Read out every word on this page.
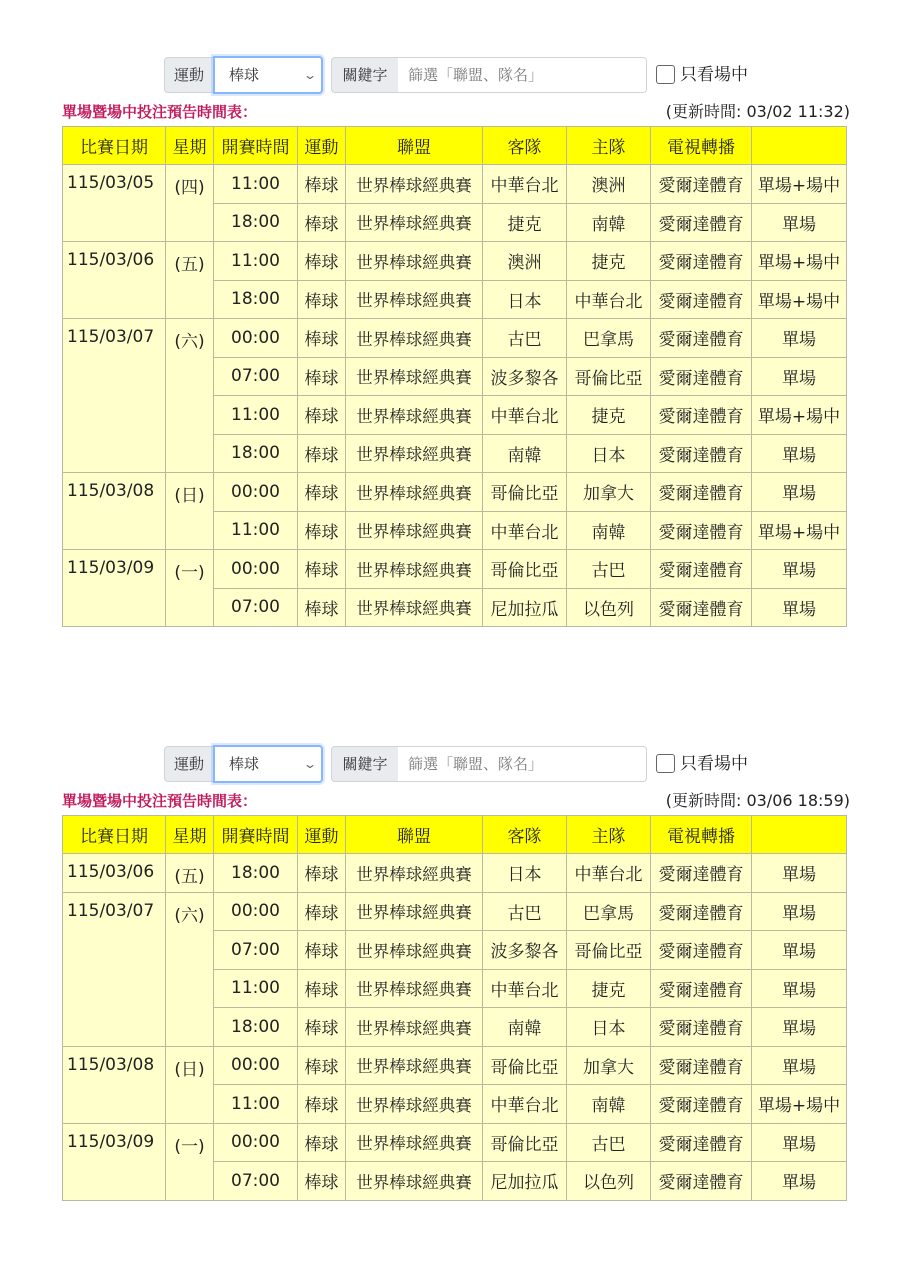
運動	棒球	⌄	關鍵字	篩選「聯盟、隊名」	只看場中
單場暨場中投注預告時間表：	(更新時間: 03/02 11:32)
比賽日期	星期	開賽時間	運動	聯盟	客隊	主隊	電視轉播	
115/03/05	(四)	11:00	棒球	世界棒球經典賽	中華台北	澳洲	愛爾達體育	單場+場中
		18:00	棒球	世界棒球經典賽	捷克	南韓	愛爾達體育	單場
115/03/06	(五)	11:00	棒球	世界棒球經典賽	澳洲	捷克	愛爾達體育	單場+場中
		18:00	棒球	世界棒球經典賽	日本	中華台北	愛爾達體育	單場+場中
115/03/07	(六)	00:00	棒球	世界棒球經典賽	古巴	巴拿馬	愛爾達體育	單場
		07:00	棒球	世界棒球經典賽	波多黎各	哥倫比亞	愛爾達體育	單場
		11:00	棒球	世界棒球經典賽	中華台北	捷克	愛爾達體育	單場+場中
		18:00	棒球	世界棒球經典賽	南韓	日本	愛爾達體育	單場
115/03/08	(日)	00:00	棒球	世界棒球經典賽	哥倫比亞	加拿大	愛爾達體育	單場
		11:00	棒球	世界棒球經典賽	中華台北	南韓	愛爾達體育	單場+場中
115/03/09	(一)	00:00	棒球	世界棒球經典賽	哥倫比亞	古巴	愛爾達體育	單場
		07:00	棒球	世界棒球經典賽	尼加拉瓜	以色列	愛爾達體育	單場
運動	棒球	⌄	關鍵字	篩選「聯盟、隊名」	只看場中
單場暨場中投注預告時間表：	(更新時間: 03/06 18:59)
比賽日期	星期	開賽時間	運動	聯盟	客隊	主隊	電視轉播	
115/03/06	(五)	18:00	棒球	世界棒球經典賽	日本	中華台北	愛爾達體育	單場
115/03/07	(六)	00:00	棒球	世界棒球經典賽	古巴	巴拿馬	愛爾達體育	單場
		07:00	棒球	世界棒球經典賽	波多黎各	哥倫比亞	愛爾達體育	單場
		11:00	棒球	世界棒球經典賽	中華台北	捷克	愛爾達體育	單場
		18:00	棒球	世界棒球經典賽	南韓	日本	愛爾達體育	單場
115/03/08	(日)	00:00	棒球	世界棒球經典賽	哥倫比亞	加拿大	愛爾達體育	單場
		11:00	棒球	世界棒球經典賽	中華台北	南韓	愛爾達體育	單場+場中
115/03/09	(一)	00:00	棒球	世界棒球經典賽	哥倫比亞	古巴	愛爾達體育	單場
		07:00	棒球	世界棒球經典賽	尼加拉瓜	以色列	愛爾達體育	單場
